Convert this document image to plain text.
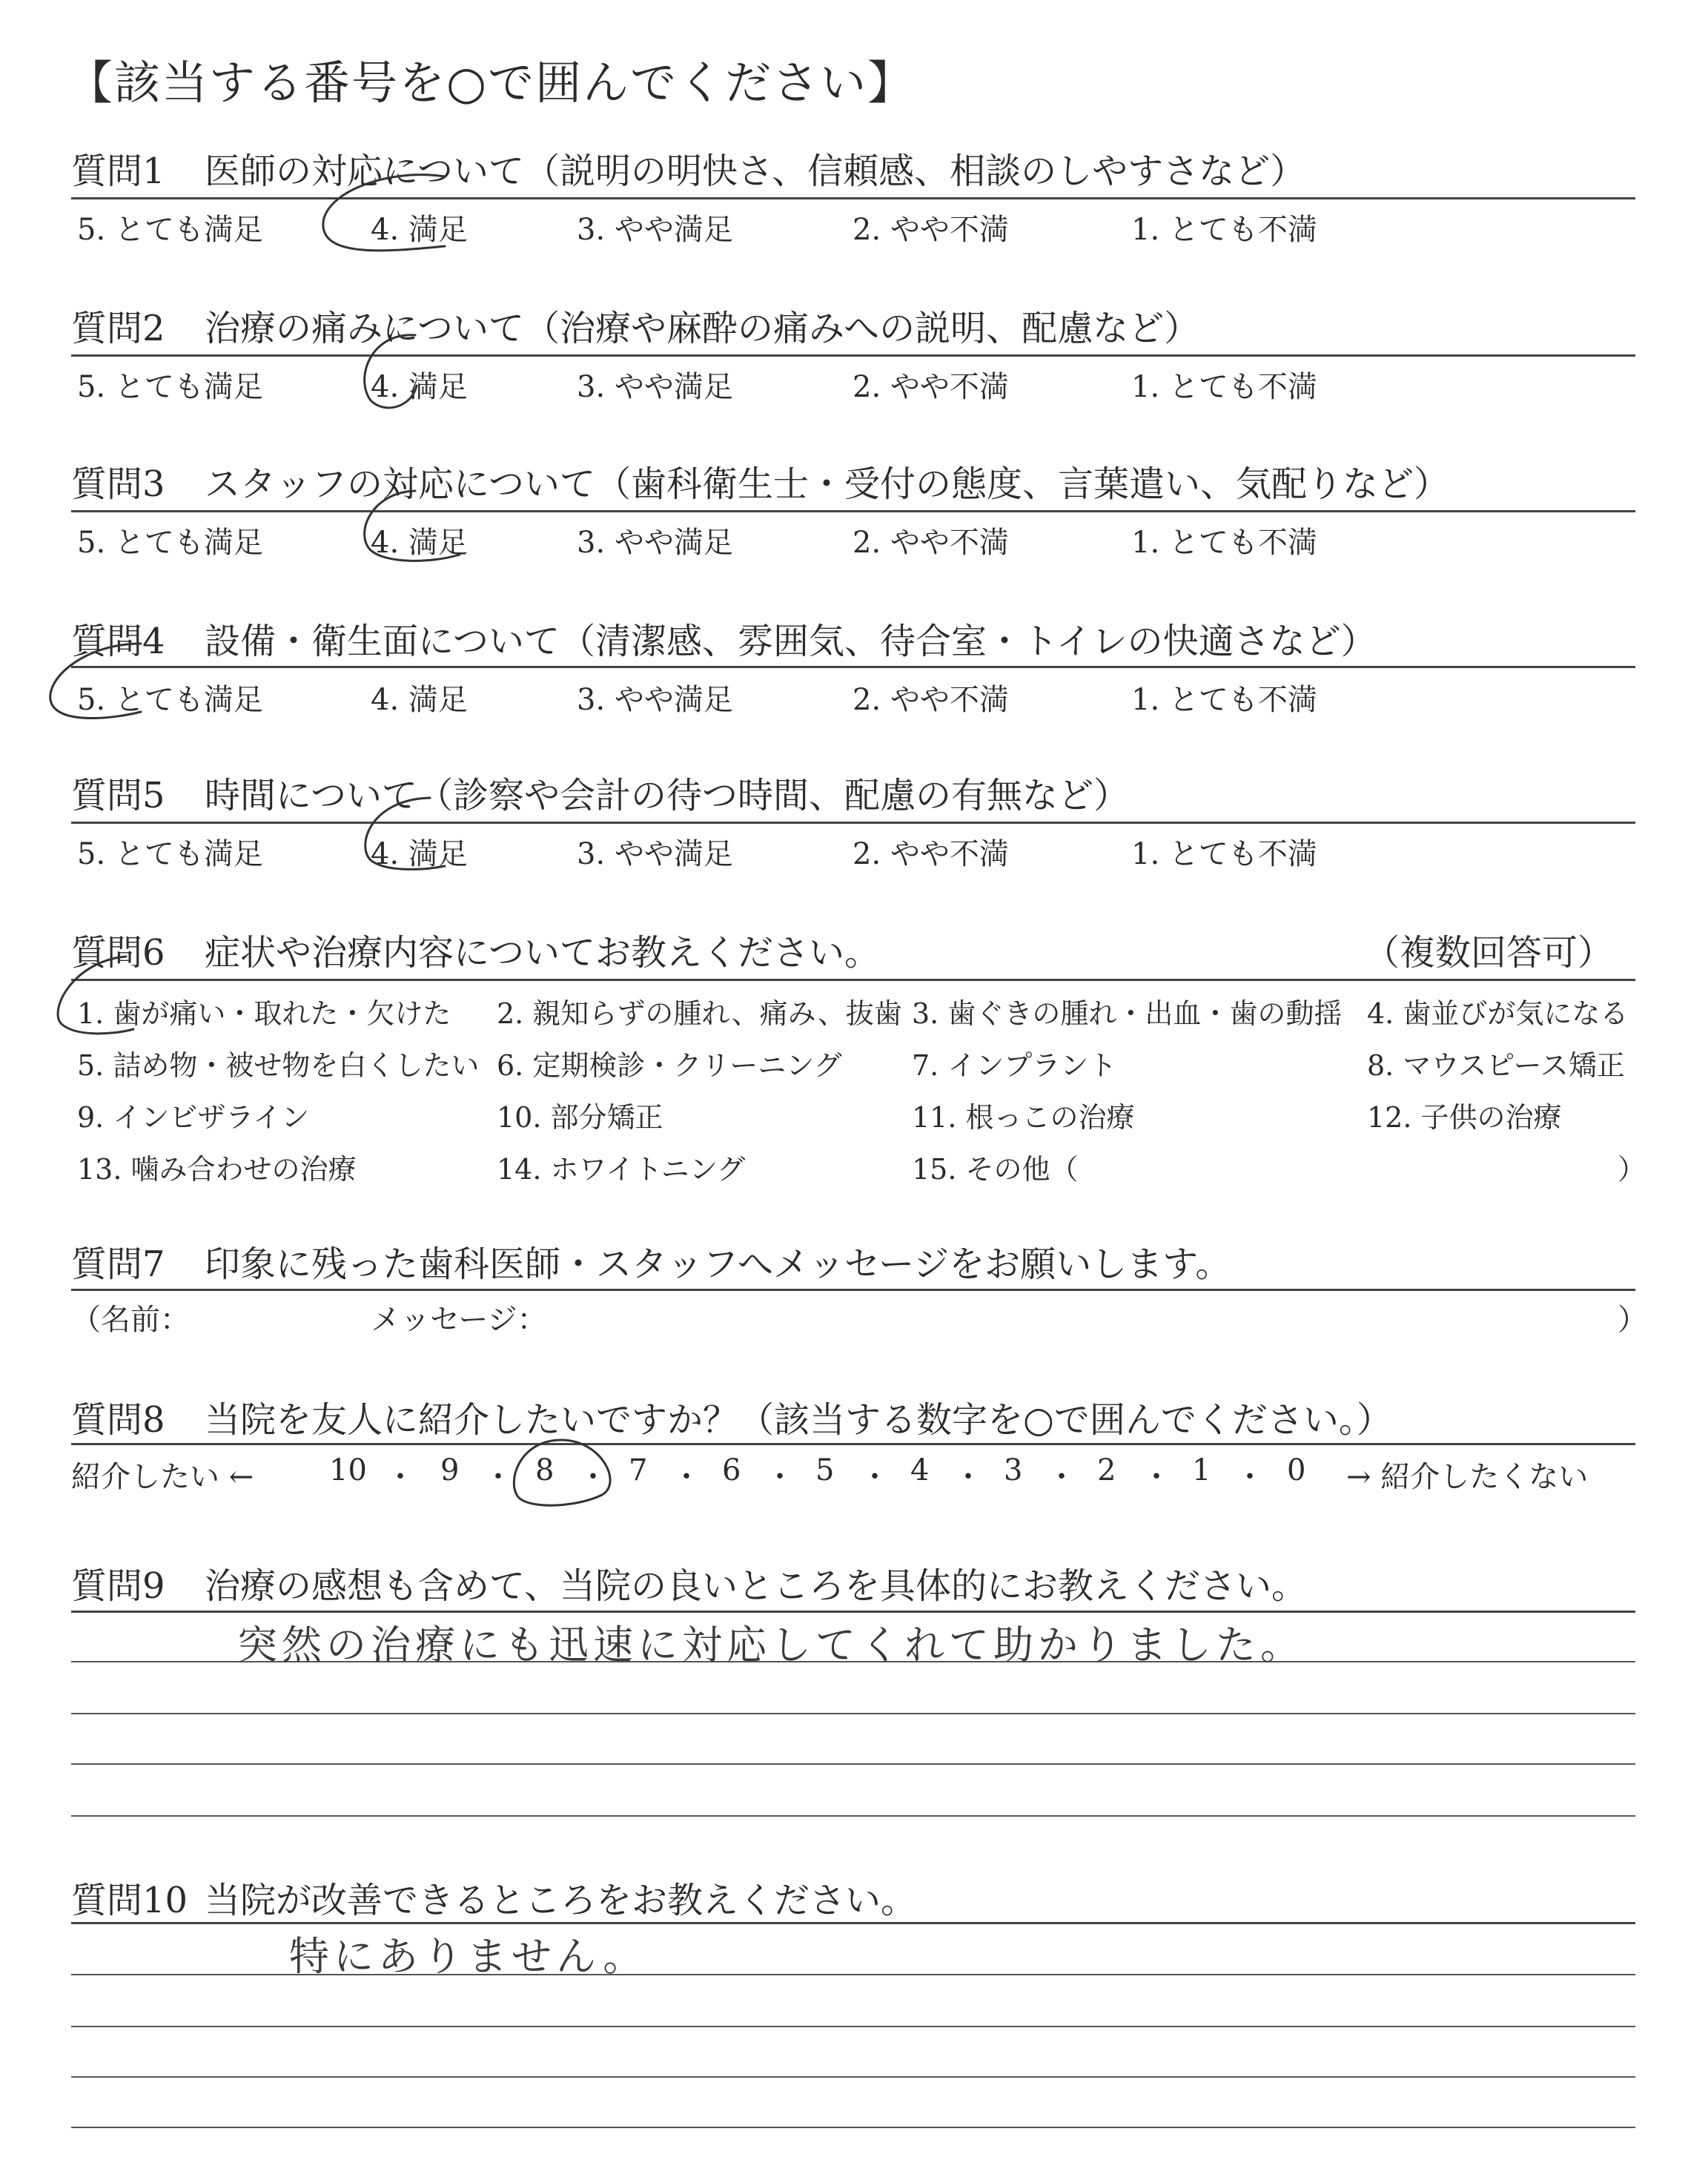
【該当する番号を○で囲んでください】
質問1 医師の対応について（説明の明快さ、信頼感、相談のしやすさなど）
5. とても満足	4. 満足	3. やや満足	2. やや不満	1. とても不満
質問2 治療の痛みについて（治療や麻酔の痛みへの説明、配慮など）
5. とても満足	4. 満足	3. やや満足	2. やや不満	1. とても不満
質問3 スタッフの対応について（歯科衛生士・受付の態度、言葉遣い、気配りなど）
5. とても満足	4. 満足	3. やや満足	2. やや不満	1. とても不満
質問4 設備・衛生面について（清潔感、雰囲気、待合室・トイレの快適さなど）
5. とても満足	4. 満足	3. やや満足	2. やや不満	1. とても不満
質問5 時間について（診察や会計の待つ時間、配慮の有無など）
5. とても満足	4. 満足	3. やや満足	2. やや不満	1. とても不満
質問6 症状や治療内容についてお教えください。	（複数回答可）
1. 歯が痛い・取れた・欠けた 2. 親知らずの腫れ、痛み、抜歯 3. 歯ぐきの腫れ・出血・歯の動揺 4. 歯並びが気になる
5. 詰め物・被せ物を白くしたい 6. 定期検診・クリーニング 7. インプラント	8. マウスピース矯正
9. インビザライン	10. 部分矯正	11. 根っこの治療	12. 子供の治療
13. 噛み合わせの治療	14. ホワイトニング	15. その他（	）
質問7 印象に残った歯科医師・スタッフへメッセージをお願いします。
（名前：	メッセージ：	）
質問8 当院を友人に紹介したいですか？（該当する数字を○で囲んでください。）
紹介したい ←	10 ・ 9 ・ 8 ・ 7 ・ 6 ・ 5 ・ 4 ・ 3 ・ 2 ・ 1 ・ 0 → 紹介したくない
質問9 治療の感想も含めて、当院の良いところを具体的にお教えください。
突然の治療にも迅速に対応してくれて助かりました。
質問10 当院が改善できるところをお教えください。
特にありません。
